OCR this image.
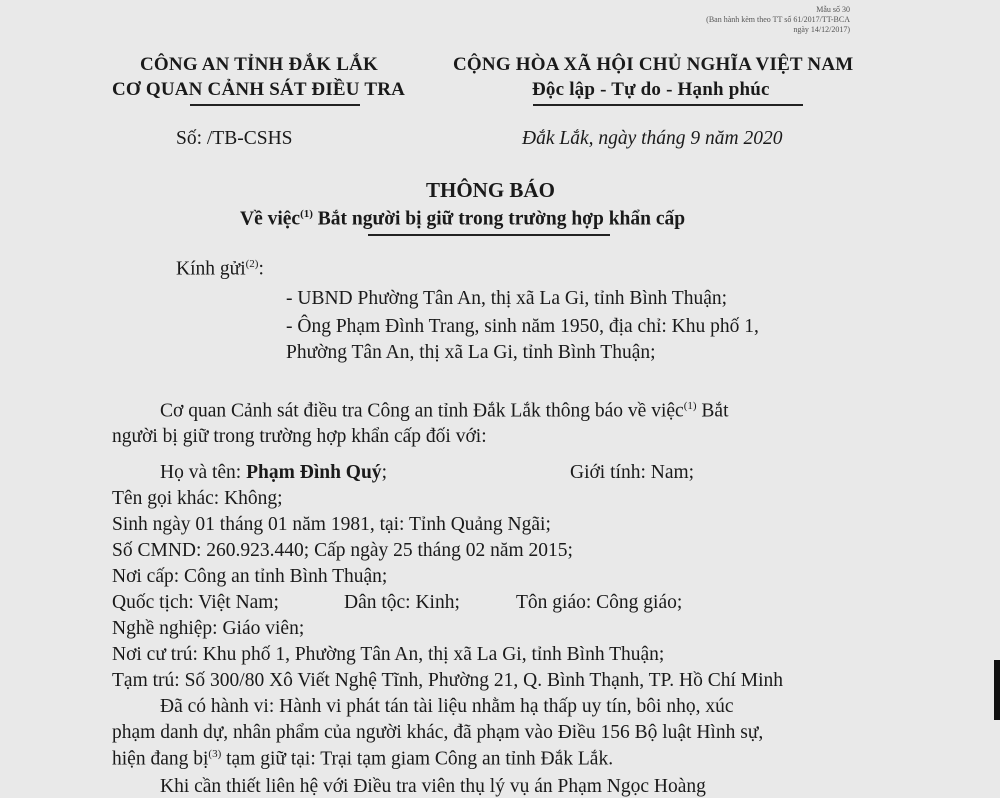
Mẫu số 30
(Ban hành kèm theo TT số 61/2017/TT-BCA
ngày 14/12/2017)
CÔNG AN TỈNH ĐẮK LẮK
CƠ QUAN CẢNH SÁT ĐIỀU TRA
Số: /TB-CSHS
CỘNG HÒA XÃ HỘI CHỦ NGHĨA VIỆT NAM
Độc lập - Tự do - Hạnh phúc
Đắk Lắk, ngày tháng 9 năm 2020
THÔNG BÁO
Về việc$^{(1)}$ Bắt người bị giữ trong trường hợp khẩn cấp
Kính gửi$^{(2)}$:
- UBND Phường Tân An, thị xã La Gi, tỉnh Bình Thuận;
- Ông Phạm Đình Trang, sinh năm 1950, địa chỉ: Khu phố 1,
Phường Tân An, thị xã La Gi, tỉnh Bình Thuận;
Cơ quan Cảnh sát điều tra Công an tỉnh Đắk Lắk thông báo về việc$^{(1)}$ Bắt
người bị giữ trong trường hợp khẩn cấp đối với:
Họ và tên: Phạm Đình Quý;	Giới tính: Nam;
Tên gọi khác: Không;
Sinh ngày 01 tháng 01 năm 1981, tại: Tỉnh Quảng Ngãi;
Số CMND: 260.923.440; Cấp ngày 25 tháng 02 năm 2015;
Nơi cấp: Công an tỉnh Bình Thuận;
Quốc tịch: Việt Nam;	Dân tộc: Kinh;	Tôn giáo: Công giáo;
Nghề nghiệp: Giáo viên;
Nơi cư trú: Khu phố 1, Phường Tân An, thị xã La Gi, tỉnh Bình Thuận;
Tạm trú: Số 300/80 Xô Viết Nghệ Tĩnh, Phường 21, Q. Bình Thạnh, TP. Hồ Chí Minh
Đã có hành vi: Hành vi phát tán tài liệu nhằm hạ thấp uy tín, bôi nhọ, xúc
phạm danh dự, nhân phẩm của người khác, đã phạm vào Điều 156 Bộ luật Hình sự,
hiện đang bị$^{(3)}$ tạm giữ tại: Trại tạm giam Công an tỉnh Đắk Lắk.
Khi cần thiết liên hệ với Điều tra viên thụ lý vụ án Phạm Ngọc Hoàng
